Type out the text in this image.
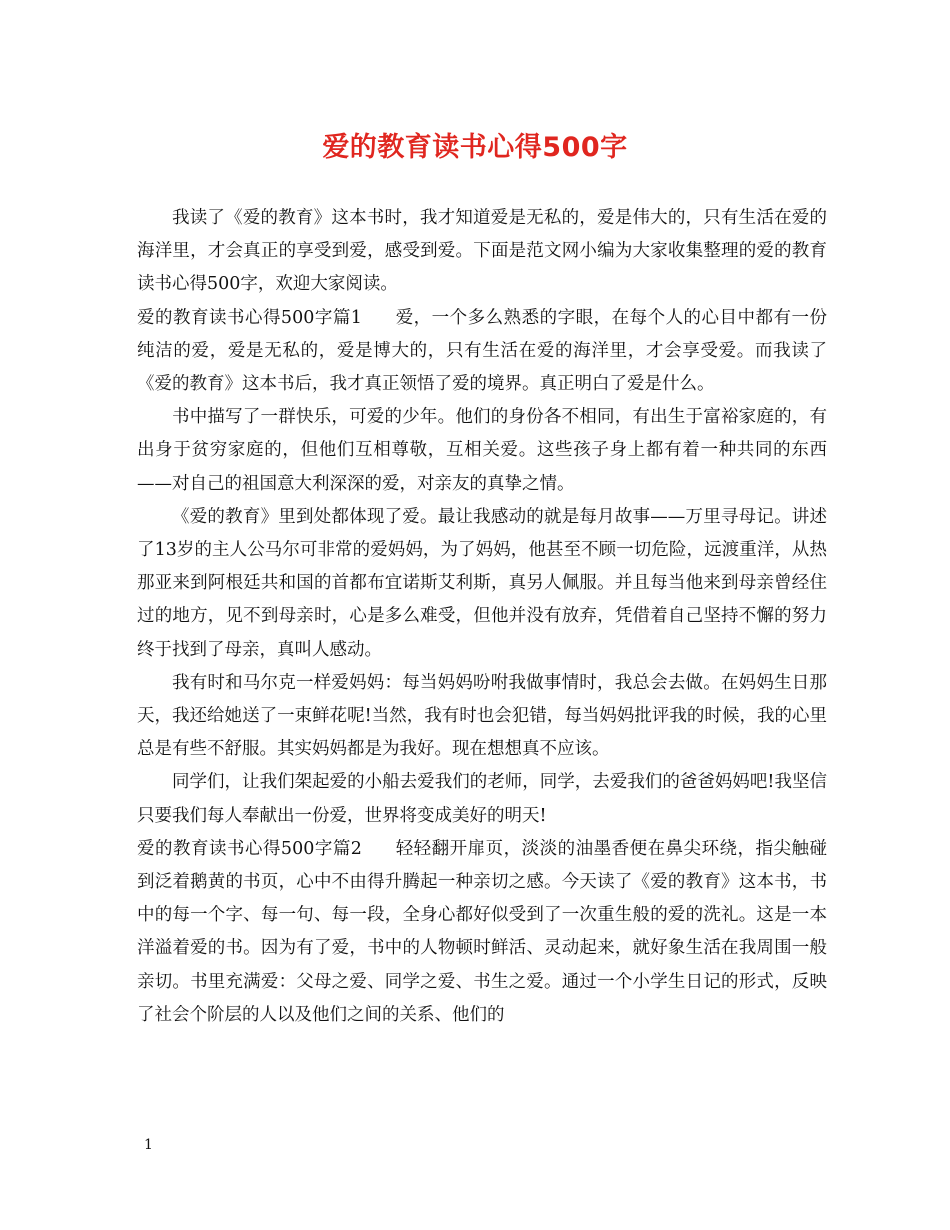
爱的教育读书心得500字

我读了《爱的教育》这本书时，我才知道爱是无私的，爱是伟大的，只有生活在爱的海洋里，才会真正的享受到爱，感受到爱。下面是范文网小编为大家收集整理的爱的教育读书心得500字，欢迎大家阅读。

爱的教育读书心得500字篇1 爱，一个多么熟悉的字眼，在每个人的心目中都有一份纯洁的爱，爱是无私的，爱是博大的，只有生活在爱的海洋里，才会享受爱。而我读了《爱的教育》这本书后，我才真正领悟了爱的境界。真正明白了爱是什么。

书中描写了一群快乐，可爱的少年。他们的身份各不相同，有出生于富裕家庭的，有出身于贫穷家庭的，但他们互相尊敬，互相关爱。这些孩子身上都有着一种共同的东西——对自己的祖国意大利深深的爱，对亲友的真挚之情。

《爱的教育》里到处都体现了爱。最让我感动的就是每月故事——万里寻母记。讲述了13岁的主人公马尔可非常的爱妈妈，为了妈妈，他甚至不顾一切危险，远渡重洋，从热那亚来到阿根廷共和国的首都布宜诺斯艾利斯，真另人佩服。并且每当他来到母亲曾经住过的地方，见不到母亲时，心是多么难受，但他并没有放弃，凭借着自己坚持不懈的努力终于找到了母亲，真叫人感动。

我有时和马尔克一样爱妈妈：每当妈妈吩咐我做事情时，我总会去做。在妈妈生日那天，我还给她送了一束鲜花呢!当然，我有时也会犯错，每当妈妈批评我的时候，我的心里总是有些不舒服。其实妈妈都是为我好。现在想想真不应该。

同学们，让我们架起爱的小船去爱我们的老师，同学，去爱我们的爸爸妈妈吧!我坚信只要我们每人奉献出一份爱，世界将变成美好的明天!

爱的教育读书心得500字篇2 轻轻翻开扉页，淡淡的油墨香便在鼻尖环绕，指尖触碰到泛着鹅黄的书页，心中不由得升腾起一种亲切之感。今天读了《爱的教育》这本书，书中的每一个字、每一句、每一段，全身心都好似受到了一次重生般的爱的洗礼。这是一本洋溢着爱的书。因为有了爱，书中的人物顿时鲜活、灵动起来，就好象生活在我周围一般亲切。书里充满爱：父母之爱、同学之爱、书生之爱。通过一个小学生日记的形式，反映了社会个阶层的人以及他们之间的关系、他们的

1
